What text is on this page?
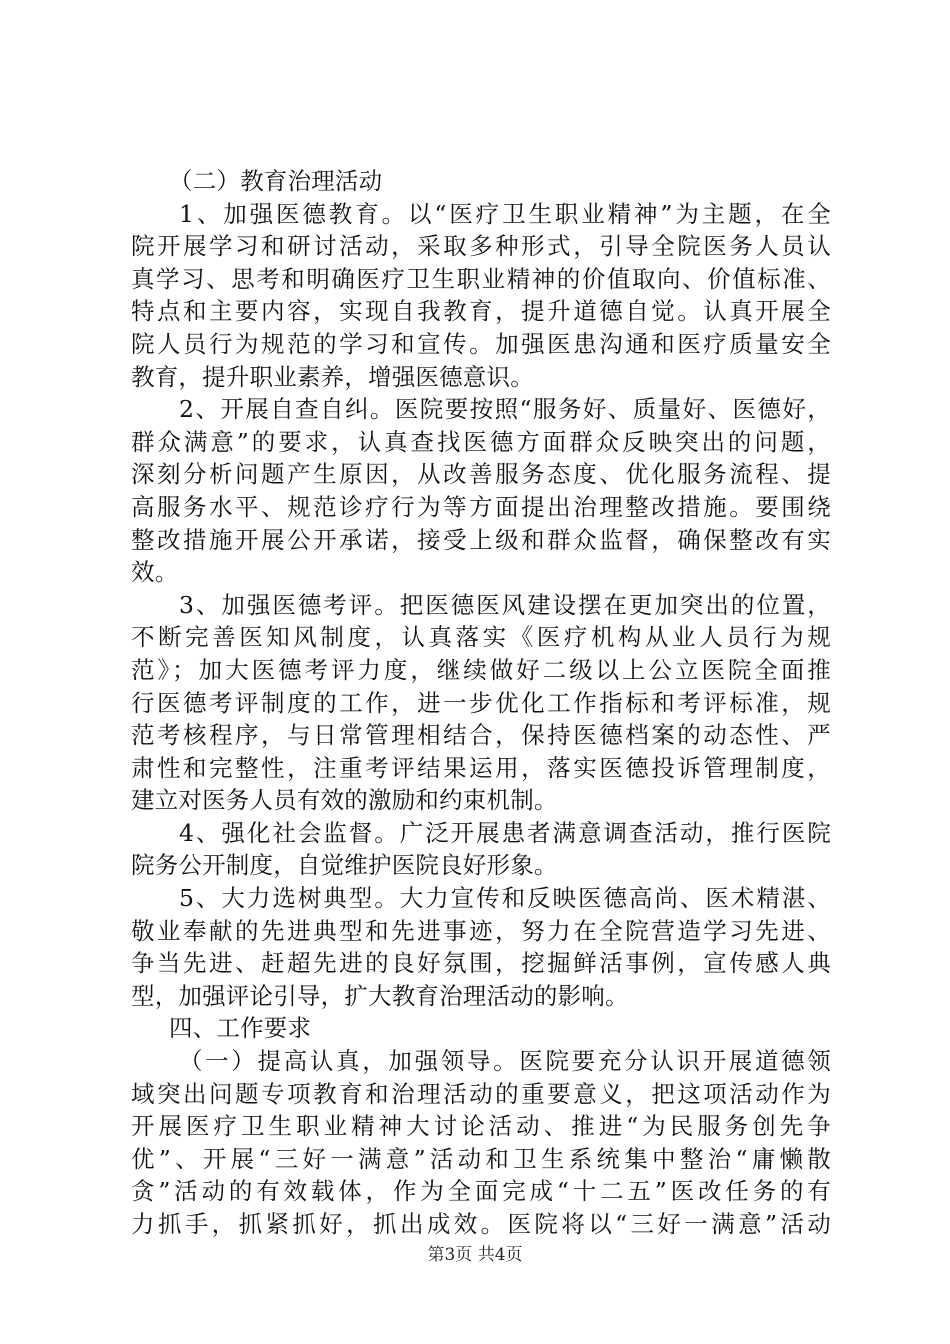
（二）教育治理活动
1、加强医德教育。以“医疗卫生职业精神”为主题，在全
院开展学习和研讨活动，采取多种形式，引导全院医务人员认
真学习、思考和明确医疗卫生职业精神的价值取向、价值标准、
特点和主要内容，实现自我教育，提升道德自觉。认真开展全
院人员行为规范的学习和宣传。加强医患沟通和医疗质量安全
教育，提升职业素养，增强医德意识。
2、开展自查自纠。医院要按照“服务好、质量好、医德好，
群众满意”的要求，认真查找医德方面群众反映突出的问题，
深刻分析问题产生原因，从改善服务态度、优化服务流程、提
高服务水平、规范诊疗行为等方面提出治理整改措施。要围绕
整改措施开展公开承诺，接受上级和群众监督，确保整改有实
效。
3、加强医德考评。把医德医风建设摆在更加突出的位置，
不断完善医知风制度，认真落实《医疗机构从业人员行为规
范》；加大医德考评力度，继续做好二级以上公立医院全面推
行医德考评制度的工作，进一步优化工作指标和考评标准，规
范考核程序，与日常管理相结合，保持医德档案的动态性、严
肃性和完整性，注重考评结果运用，落实医德投诉管理制度，
建立对医务人员有效的激励和约束机制。
4、强化社会监督。广泛开展患者满意调查活动，推行医院
院务公开制度，自觉维护医院良好形象。
5、大力选树典型。大力宣传和反映医德高尚、医术精湛、
敬业奉献的先进典型和先进事迹，努力在全院营造学习先进、
争当先进、赶超先进的良好氛围，挖掘鲜活事例，宣传感人典
型，加强评论引导，扩大教育治理活动的影响。
四、工作要求
（一）提高认真，加强领导。医院要充分认识开展道德领
域突出问题专项教育和治理活动的重要意义，把这项活动作为
开展医疗卫生职业精神大讨论活动、推进“为民服务创先争
优”、开展“三好一满意”活动和卫生系统集中整治“庸懒散
贪”活动的有效载体，作为全面完成“十二五”医改任务的有
力抓手，抓紧抓好，抓出成效。医院将以“三好一满意”活动
第3页 共4页
